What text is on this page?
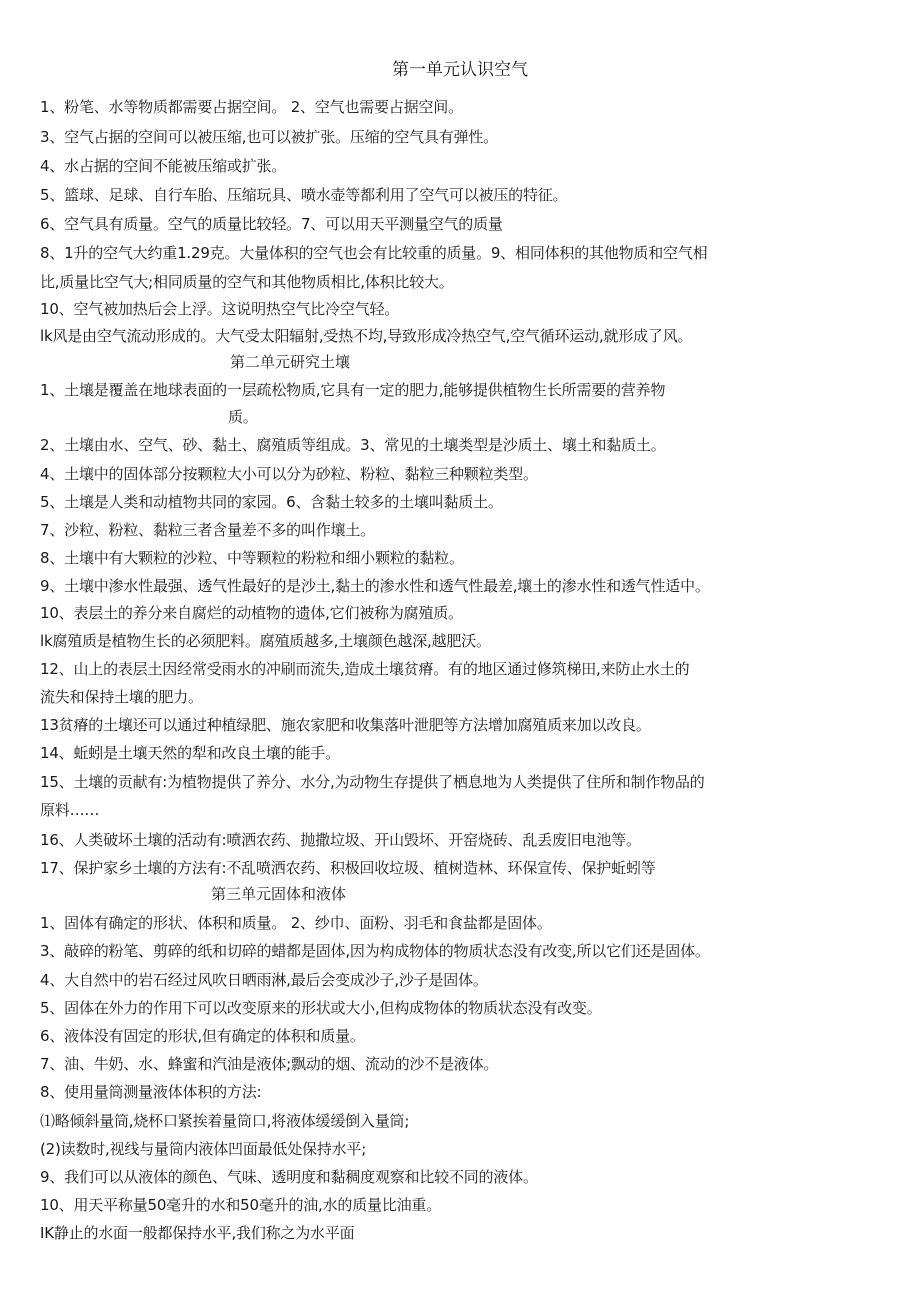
第一单元认识空气
1、粉笔、水等物质都需要占据空间。 2、空气也需要占据空间。
3、空气占据的空间可以被压缩,也可以被扩张。压缩的空气具有弹性。
4、水占据的空间不能被压缩或扩张。
5、篮球、足球、自行车胎、压缩玩具、喷水壶等都利用了空气可以被压的特征。
6、空气具有质量。空气的质量比较轻。7、可以用天平测量空气的质量
8、1升的空气大约重1.29克。大量体积的空气也会有比较重的质量。9、相同体积的其他物质和空气相
比,质量比空气大;相同质量的空气和其他物质相比,体积比较大。
10、空气被加热后会上浮。这说明热空气比冷空气轻。
lk风是由空气流动形成的。大气受太阳辐射,受热不均,导致形成冷热空气,空气循环运动,就形成了风。
第二单元研究土壤
1、土壤是覆盖在地球表面的一层疏松物质,它具有一定的肥力,能够提供植物生长所需要的营养物
质。
2、土壤由水、空气、砂、黏土、腐殖质等组成。3、常见的土壤类型是沙质土、壤土和黏质土。
4、土壤中的固体部分按颗粒大小可以分为砂粒、粉粒、黏粒三种颗粒类型。
5、土壤是人类和动植物共同的家园。6、含黏土较多的土壤叫黏质土。
7、沙粒、粉粒、黏粒三者含量差不多的叫作壤土。
8、土壤中有大颗粒的沙粒、中等颗粒的粉粒和细小颗粒的黏粒。
9、土壤中渗水性最强、透气性最好的是沙土,黏土的渗水性和透气性最差,壤土的渗水性和透气性适中。
10、表层土的养分来自腐烂的动植物的遗体,它们被称为腐殖质。
lk腐殖质是植物生长的必须肥料。腐殖质越多,土壤颜色越深,越肥沃。
12、山上的表层土因经常受雨水的冲刷而流失,造成土壤贫瘠。有的地区通过修筑梯田,来防止水土的
流失和保持土壤的肥力。
13贫瘠的土壤还可以通过种植绿肥、施农家肥和收集落叶泄肥等方法增加腐殖质来加以改良。
14、蚯蚓是土壤天然的犁和改良土壤的能手。
15、土壤的贡献有:为植物提供了养分、水分,为动物生存提供了栖息地为人类提供了住所和制作物品的
原料……
16、人类破坏土壤的活动有:喷洒农药、抛撒垃圾、开山毁坏、开窑烧砖、乱丢废旧电池等。
17、保护家乡土壤的方法有:不乱喷洒农药、积极回收垃圾、植树造林、环保宣传、保护蚯蚓等
第三单元固体和液体
1、固体有确定的形状、体积和质量。 2、纱巾、面粉、羽毛和食盐都是固体。
3、敲碎的粉笔、剪碎的纸和切碎的蜡都是固体,因为构成物体的物质状态没有改变,所以它们还是固体。
4、大自然中的岩石经过风吹日晒雨淋,最后会变成沙子,沙子是固体。
5、固体在外力的作用下可以改变原来的形状或大小,但构成物体的物质状态没有改变。
6、液体没有固定的形状,但有确定的体积和质量。
7、油、牛奶、水、蜂蜜和汽油是液体;飘动的烟、流动的沙不是液体。
8、使用量筒测量液体体积的方法:
⑴略倾斜量筒,烧杯口紧挨着量筒口,将液体缓缓倒入量筒;
(2)读数时,视线与量筒内液体凹面最低处保持水平;
9、我们可以从液体的颜色、气味、透明度和黏稠度观察和比较不同的液体。
10、用天平称量50毫升的水和50毫升的油,水的质量比油重。
IK静止的水面一般都保持水平,我们称之为水平面
